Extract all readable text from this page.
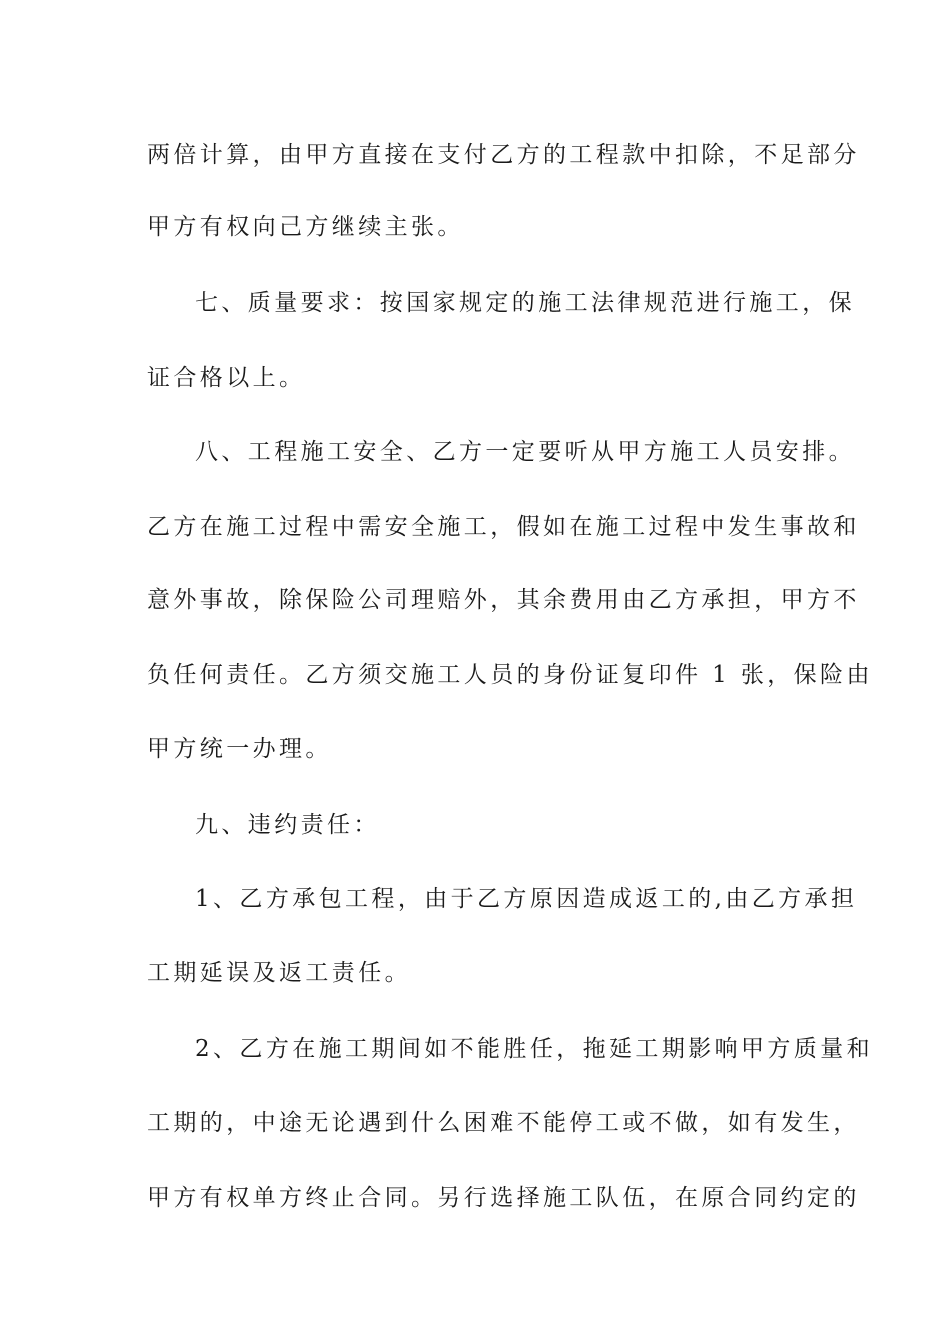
两倍计算，由甲方直接在支付乙方的工程款中扣除，不足部分
甲方有权向己方继续主张。
七、质量要求：按国家规定的施工法律规范进行施工，保
证合格以上。
八、工程施工安全、乙方一定要听从甲方施工人员安排。
乙方在施工过程中需安全施工，假如在施工过程中发生事故和
意外事故，除保险公司理赔外，其余费用由乙方承担，甲方不
负任何责任。乙方须交施工人员的身份证复印件 1 张，保险由
甲方统一办理。
九、违约责任：
1、乙方承包工程，由于乙方原因造成返工的,由乙方承担
工期延误及返工责任。
2、乙方在施工期间如不能胜任，拖延工期影响甲方质量和
工期的，中途无论遇到什么困难不能停工或不做，如有发生，
甲方有权单方终止合同。另行选择施工队伍，在原合同约定的
